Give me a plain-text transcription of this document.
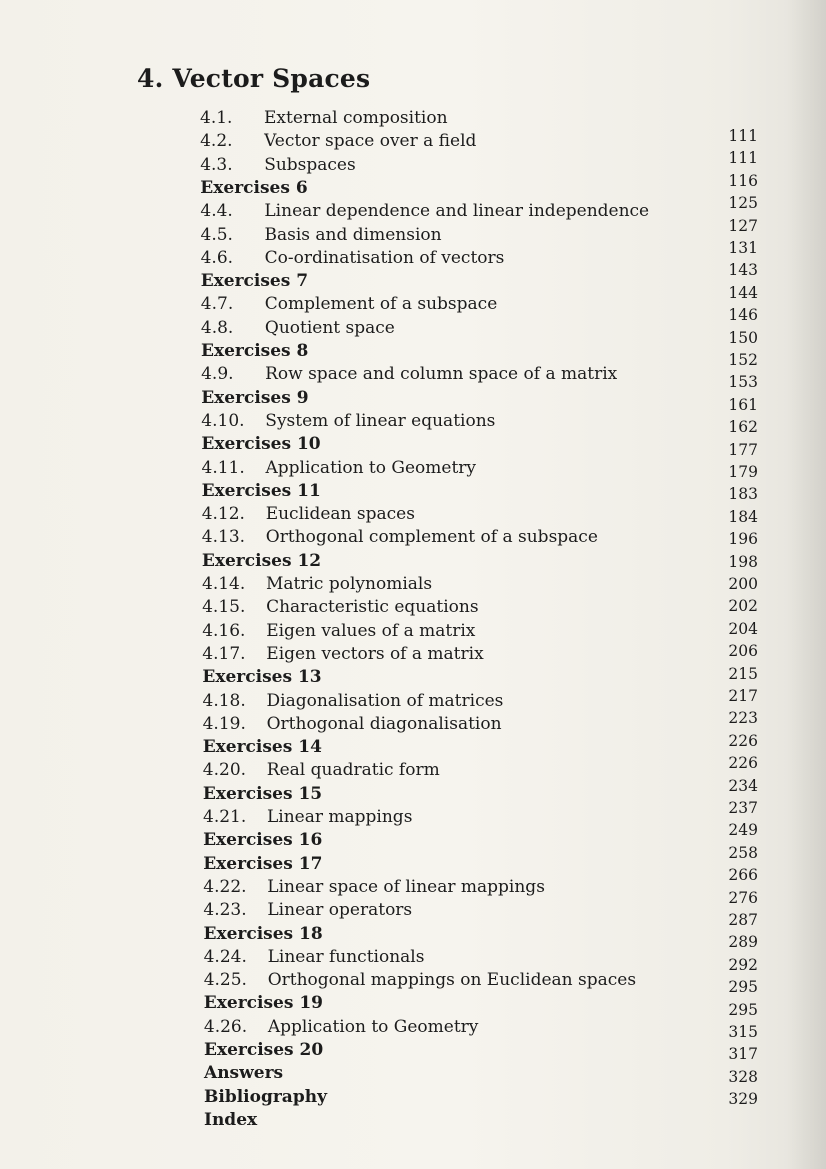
4. Vector Spaces
4.1. External composition
4.2. Vector space over a field
4.3. Subspaces
Exercises 6
4.4. Linear dependence and linear independence
4.5. Basis and dimension
4.6. Co-ordinatisation of vectors
Exercises 7
4.7. Complement of a subspace
4.8. Quotient space
Exercises 8
4.9. Row space and column space of a matrix
Exercises 9
4.10. System of linear equations
Exercises 10
4.11. Application to Geometry
Exercises 11
4.12. Euclidean spaces
4.13. Orthogonal complement of a subspace
Exercises 12
4.14. Matric polynomials
4.15. Characteristic equations
4.16. Eigen values of a matrix
4.17. Eigen vectors of a matrix
Exercises 13
4.18. Diagonalisation of matrices
4.19. Orthogonal diagonalisation
Exercises 14
4.20. Real quadratic form
Exercises 15
4.21. Linear mappings
Exercises 16
Exercises 17
4.22. Linear space of linear mappings
4.23. Linear operators
Exercises 18
4.24. Linear functionals
4.25. Orthogonal mappings on Euclidean spaces
Exercises 19
4.26. Application to Geometry
Exercises 20
Answers
Bibliography
Index
111
111
116
125
127
131
143
144
146
150
152
153
161
162
177
179
183
184
196
198
200
202
204
206
215
217
223
226
226
234
237
249
258
266
276
287
289
292
295
295
315
317
328
329
